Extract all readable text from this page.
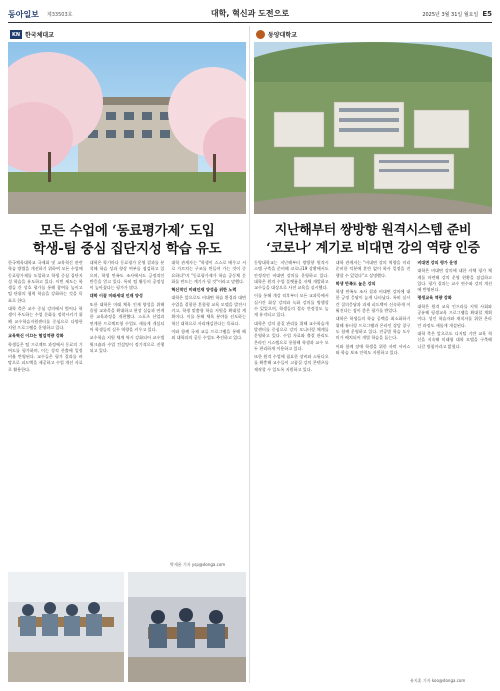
동아일보 제33503호	대학, 혁신과 도전으로	2025년 3월 31일 월요일 E5
KN 한국체대교
모든 수업에 ‘동료평가제’ 도입
학생-팀 중심 집단지성 학습 유도

한국체육대학교 국제화 및 교육혁신 관련 학습 방법을 개선하기 위하여 모든 수업에 동료평가제를 도입하고 학생 중심 집단지성 학습을 유도하고 있다. 이번 제도는 학생들 간 상호 평가를 통해 참여를 높이고 팀 단위의 협력 학습을 강화하는 것을 목표로 한다.

대학 측은 교수 중심 강의에서 벗어나 학생이 주도하는 수업 문화를 정착시키기 위해 교수학습지원센터를 중심으로 다양한 지원 프로그램을 운영하고 있다.

교육혁신 이끄는 협업역량 강화

학생들은 팀 프로젝트 과정에서 동료의 기여도를 평가하며, 이는 성적 산출에 일정 비율 반영된다. 교수들은 평가 결과를 바탕으로 피드백을 제공하고 수업 개선 자료로 활용한다.

대학은 학기마다 동료평가 운영 결과를 분석해 학습 성과 향상 여부를 점검하고 있으며, 학생 만족도 조사에서도 긍정적인 반응을 얻고 있다. 특히 팀 활동의 공정성이 높아졌다는 평가가 많다.

대학 이끌 미래세대 인재 양성

또한 대학은 미래 체육 인재 양성을 위해 융합 교과목을 확대하고 현장 실습과 연계한 교육과정을 개편했다. 스포츠 산업과 연계한 프로젝트형 수업도 새롭게 개설되어 학생들의 실무 역량을 키우고 있다.

교수학습 지원 체계 역시 강화되어 교수법 워크숍과 수업 컨설팅이 정기적으로 진행되고 있다.

대학 관계자는 "학생이 스스로 배우고 서로 가르치는 구조를 만들어 가는 것이 중요하다"며 "동료평가제가 학습 공동체 문화를 만드는 계기가 될 것"이라고 말했다.

혁신적인 미래인재 양성을 위한 노력

대학은 앞으로도 비대면 학습 환경과 대면 수업을 결합한 혼합형 교육 모델을 발전시키고, 학생 맞춤형 학습 지원을 확대할 계획이다. 이를 통해 체육 분야를 선도하는 혁신 대학으로 자리매김한다는 목표다.

이와 함께 국제 교류 프로그램을 통해 해외 대학과의 공동 수업도 추진하고 있다.

박세윤 기자 ysp@donga.com
동양대학교
지난해부터 쌍방향 원격시스템 준비
‘코로나’ 계기로 비대면 강의 역량 인증

동양대학교는 지난해부터 쌍방향 원격시스템 구축을 준비해 코로나19 상황에서도 안정적인 비대면 강의를 운영하고 있다. 대학은 원격 수업 플랫폼을 자체 개발하고 교수들을 대상으로 사전 교육을 실시했다.

이를 통해 개강 직후부터 모든 교과목에서 실시간 화상 강의와 녹화 강의를 병행할 수 있었으며, 학생들의 접속 안정성도 높게 유지되고 있다.

대학은 강의 품질 관리를 위해 교수학습개발센터를 중심으로 강의 모니터링 체계를 운영하고 있다. 수업 자료와 출결 관리도 온라인 시스템으로 통합해 학생과 교수 모두 편리하게 이용하고 있다.

또한 원격 수업에 필요한 장비와 스튜디오를 확충해 교수들이 고품질 강의 콘텐츠를 제작할 수 있도록 지원하고 있다.

대학 관계자는 "비대면 강의 역량을 미리 준비한 덕분에 혼란 없이 학사 일정을 진행할 수 있었다"고 설명했다.

학생 만족도 높은 강의

학생 만족도 조사 결과 비대면 강의에 대한 긍정 응답이 높게 나타났다. 특히 실시간 질의응답과 과제 피드백이 신속하게 이뤄진다는 점이 좋은 평가를 받았다.

대학은 학생들의 학습 공백을 최소화하기 위해 튜터링 프로그램과 온라인 상담 창구도 함께 운영하고 있다. 전공별 학습 도우미가 배치되어 개별 학습을 돕는다.

이와 함께 장애 학생을 위한 자막 서비스와 학습 보조 인력도 지원하고 있다.

비대면 강의 평가 운영

대학은 비대면 강의에 대한 자체 평가 체계를 마련해 강의 운영 현황을 점검하고 있다. 평가 결과는 교수 연수와 강의 개선에 반영된다.

평생교육 역량 강화

대학은 원격 교육 인프라를 지역 사회와 공유해 평생교육 프로그램을 확대할 계획이다. 성인 학습자와 재직자를 위한 온라인 과정도 새롭게 개설된다.

대학 측은 앞으로도 디지털 기반 교육 혁신을 지속해 미래형 대학 모델을 구축해 나갈 방침이라고 밝혔다.

유지훈 기자 koo@donga.com
